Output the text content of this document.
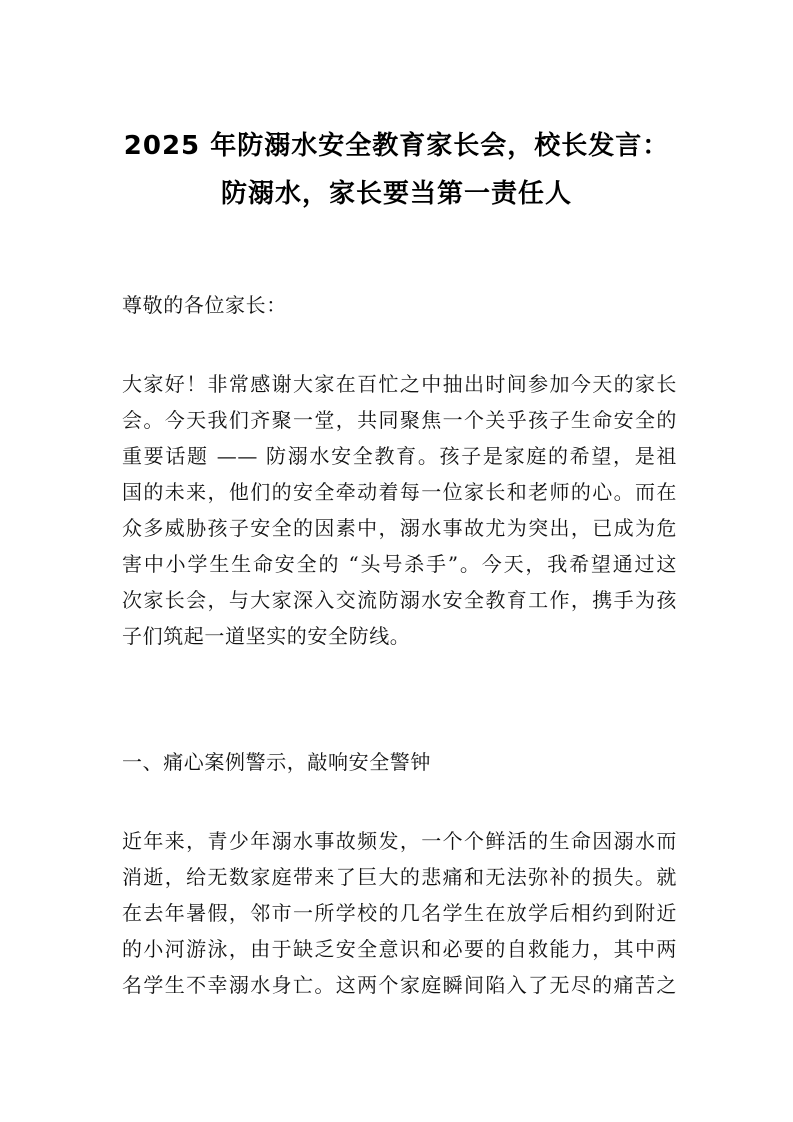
2025 年防溺水安全教育家长会，校长发言：
防溺水，家长要当第一责任人
尊敬的各位家长：
大家好！非常感谢大家在百忙之中抽出时间参加今天的家长
会。今天我们齐聚一堂，共同聚焦一个关乎孩子生命安全的
重要话题 —— 防溺水安全教育。孩子是家庭的希望，是祖
国的未来，他们的安全牵动着每一位家长和老师的心。而在
众多威胁孩子安全的因素中，溺水事故尤为突出，已成为危
害中小学生生命安全的 “头号杀手”。今天，我希望通过这
次家长会，与大家深入交流防溺水安全教育工作，携手为孩
子们筑起一道坚实的安全防线。
一、痛心案例警示，敲响安全警钟
近年来，青少年溺水事故频发，一个个鲜活的生命因溺水而
消逝，给无数家庭带来了巨大的悲痛和无法弥补的损失。就
在去年暑假，邻市一所学校的几名学生在放学后相约到附近
的小河游泳，由于缺乏安全意识和必要的自救能力，其中两
名学生不幸溺水身亡。这两个家庭瞬间陷入了无尽的痛苦之
